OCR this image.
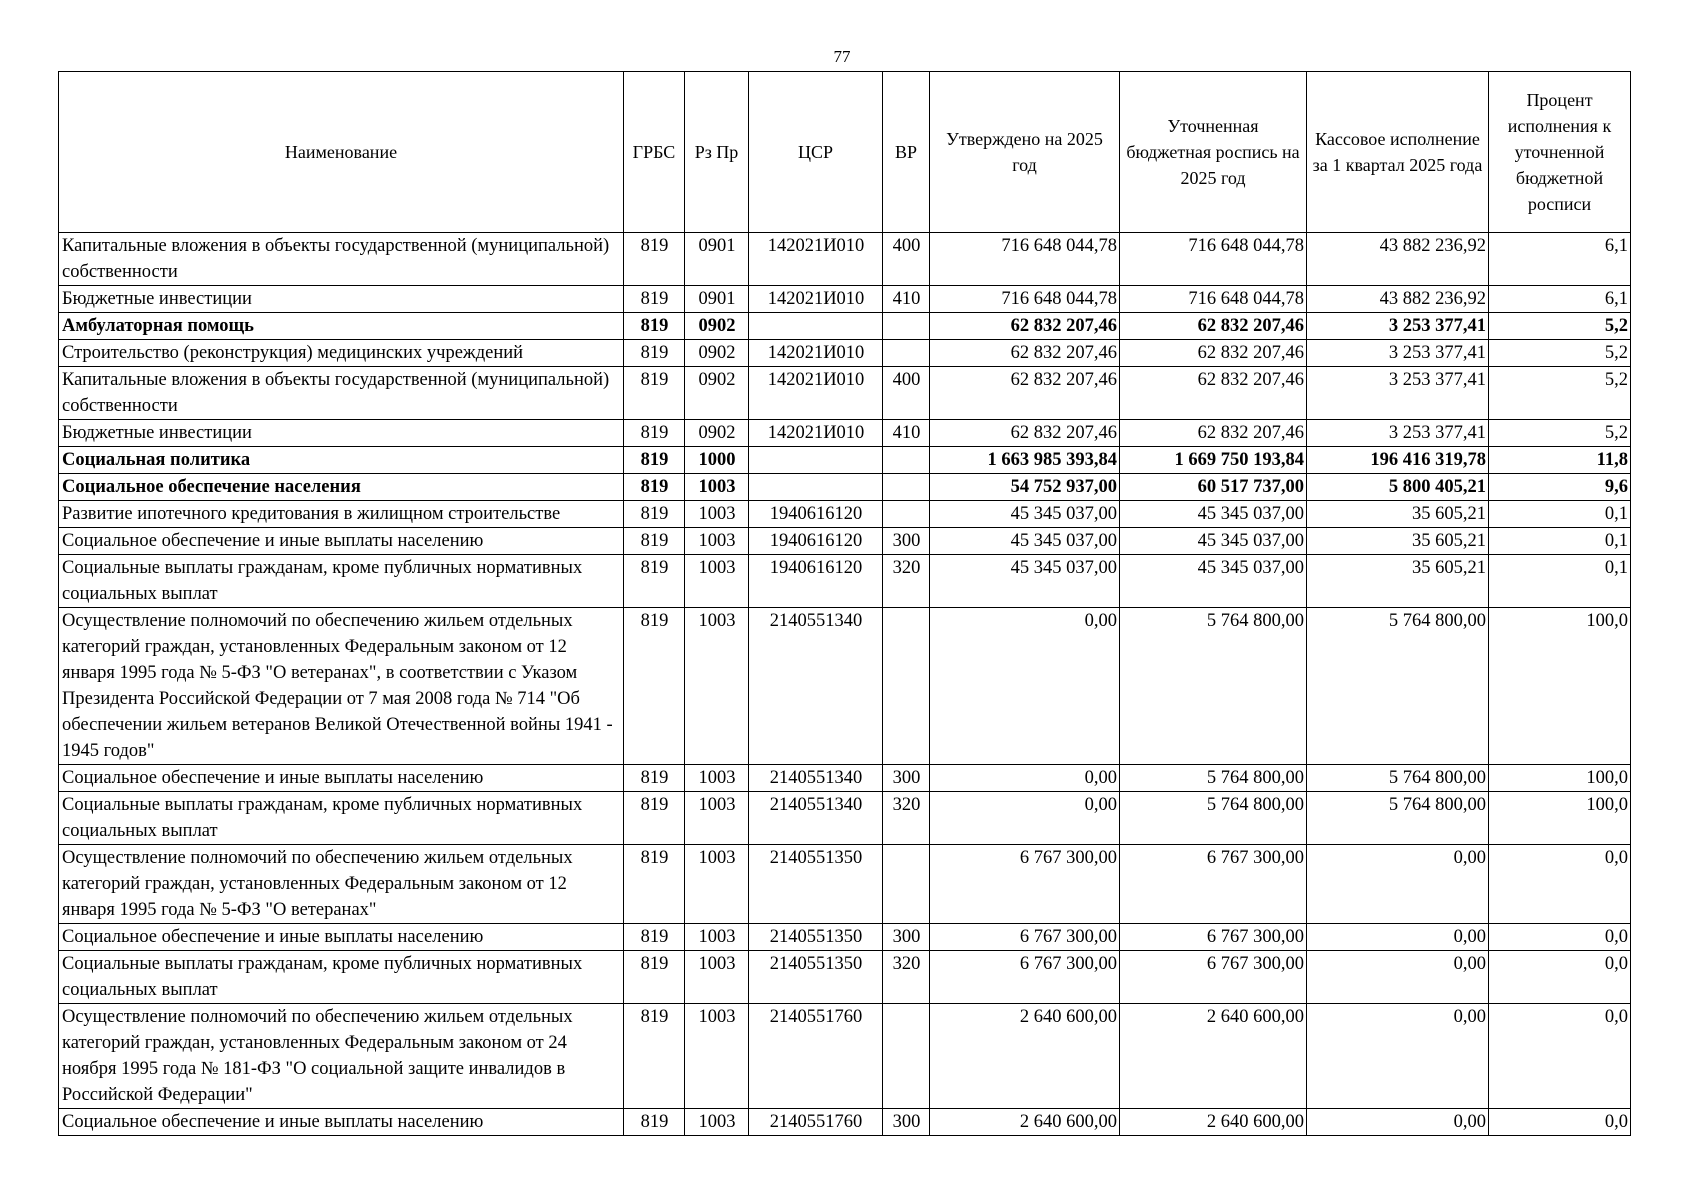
77
Наименование	ГРБС	Рз Пр	ЦСР	ВР	Утверждено на 2025 год	Уточненная бюджетная роспись на 2025 год	Кассовое исполнение за 1 квартал 2025 года	Процент исполнения к уточненной бюджетной росписи
Капитальные вложения в объекты государственной (муниципальной) собственности	819	0901	142021И010	400	716 648 044,78	716 648 044,78	43 882 236,92	6,1
Бюджетные инвестиции	819	0901	142021И010	410	716 648 044,78	716 648 044,78	43 882 236,92	6,1
Амбулаторная помощь	819	0902			62 832 207,46	62 832 207,46	3 253 377,41	5,2
Строительство (реконструкция) медицинских учреждений	819	0902	142021И010		62 832 207,46	62 832 207,46	3 253 377,41	5,2
Капитальные вложения в объекты государственной (муниципальной) собственности	819	0902	142021И010	400	62 832 207,46	62 832 207,46	3 253 377,41	5,2
Бюджетные инвестиции	819	0902	142021И010	410	62 832 207,46	62 832 207,46	3 253 377,41	5,2
Социальная политика	819	1000			1 663 985 393,84	1 669 750 193,84	196 416 319,78	11,8
Социальное обеспечение населения	819	1003			54 752 937,00	60 517 737,00	5 800 405,21	9,6
Развитие ипотечного кредитования в жилищном строительстве	819	1003	1940616120		45 345 037,00	45 345 037,00	35 605,21	0,1
Социальное обеспечение и иные выплаты населению	819	1003	1940616120	300	45 345 037,00	45 345 037,00	35 605,21	0,1
Социальные выплаты гражданам, кроме публичных нормативных социальных выплат	819	1003	1940616120	320	45 345 037,00	45 345 037,00	35 605,21	0,1
Осуществление полномочий по обеспечению жильем отдельных категорий граждан, установленных Федеральным законом от 12 января 1995 года № 5-ФЗ "О ветеранах", в соответствии с Указом Президента Российской Федерации от 7 мая 2008 года № 714 "Об обеспечении жильем ветеранов Великой Отечественной войны 1941 - 1945 годов"	819	1003	2140551340		0,00	5 764 800,00	5 764 800,00	100,0
Социальное обеспечение и иные выплаты населению	819	1003	2140551340	300	0,00	5 764 800,00	5 764 800,00	100,0
Социальные выплаты гражданам, кроме публичных нормативных социальных выплат	819	1003	2140551340	320	0,00	5 764 800,00	5 764 800,00	100,0
Осуществление полномочий по обеспечению жильем отдельных категорий граждан, установленных Федеральным законом от 12 января 1995 года № 5-ФЗ "О ветеранах"	819	1003	2140551350		6 767 300,00	6 767 300,00	0,00	0,0
Социальное обеспечение и иные выплаты населению	819	1003	2140551350	300	6 767 300,00	6 767 300,00	0,00	0,0
Социальные выплаты гражданам, кроме публичных нормативных социальных выплат	819	1003	2140551350	320	6 767 300,00	6 767 300,00	0,00	0,0
Осуществление полномочий по обеспечению жильем отдельных категорий граждан, установленных Федеральным законом от 24 ноября 1995 года № 181-ФЗ "О социальной защите инвалидов в Российской Федерации"	819	1003	2140551760		2 640 600,00	2 640 600,00	0,00	0,0
Социальное обеспечение и иные выплаты населению	819	1003	2140551760	300	2 640 600,00	2 640 600,00	0,00	0,0
